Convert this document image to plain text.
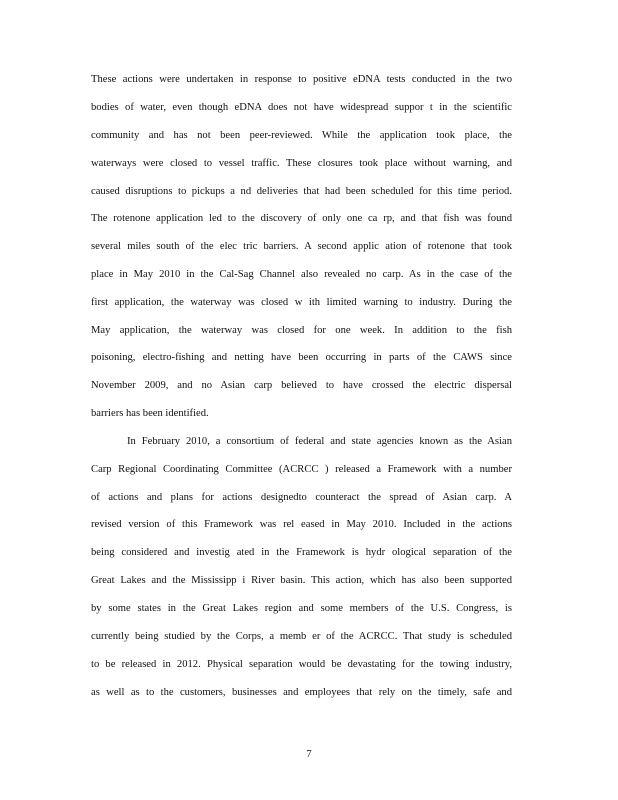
These actions were undertaken in response to positive eDNA tests conducted in the two
bodies of water, even though eDNA does not have widespread suppor t in the scientific
community and has not been peer-reviewed. While the application took place, the
waterways were closed to vessel traffic. These closures took place without warning, and
caused disruptions to pickups a nd deliveries that had been scheduled for this time period.
The rotenone application led to the discovery of only one ca rp, and that fish was found
several miles south of the elec tric barriers. A second applic ation of rotenone that took
place in May 2010 in the Cal-Sag Channel also revealed no carp. As in the case of the
first application, the waterway was closed w ith limited warning to industry. During the
May application, the waterway was closed for one week. In addition to the fish
poisoning, electro-fishing and netting have been occurring in parts of the CAWS since
November 2009, and no Asian carp believed to have crossed the electric dispersal
barriers has been identified.
In February 2010, a consortium of federal and state agencies known as the Asian
Carp Regional Coordinating Committee (ACRCC ) released a Framework with a number
of actions and plans for actions designedto counteract the spread of Asian carp. A
revised version of this Framework was rel eased in May 2010. Included in the actions
being considered and investig ated in the Framework is hydr ological separation of the
Great Lakes and the Mississipp i River basin. This action, which has also been supported
by some states in the Great Lakes region and some members of the U.S. Congress, is
currently being studied by the Corps, a memb er of the ACRCC. That study is scheduled
to be released in 2012. Physical separation would be devastating for the towing industry,
as well as to the customers, businesses and employees that rely on the timely, safe and
7
